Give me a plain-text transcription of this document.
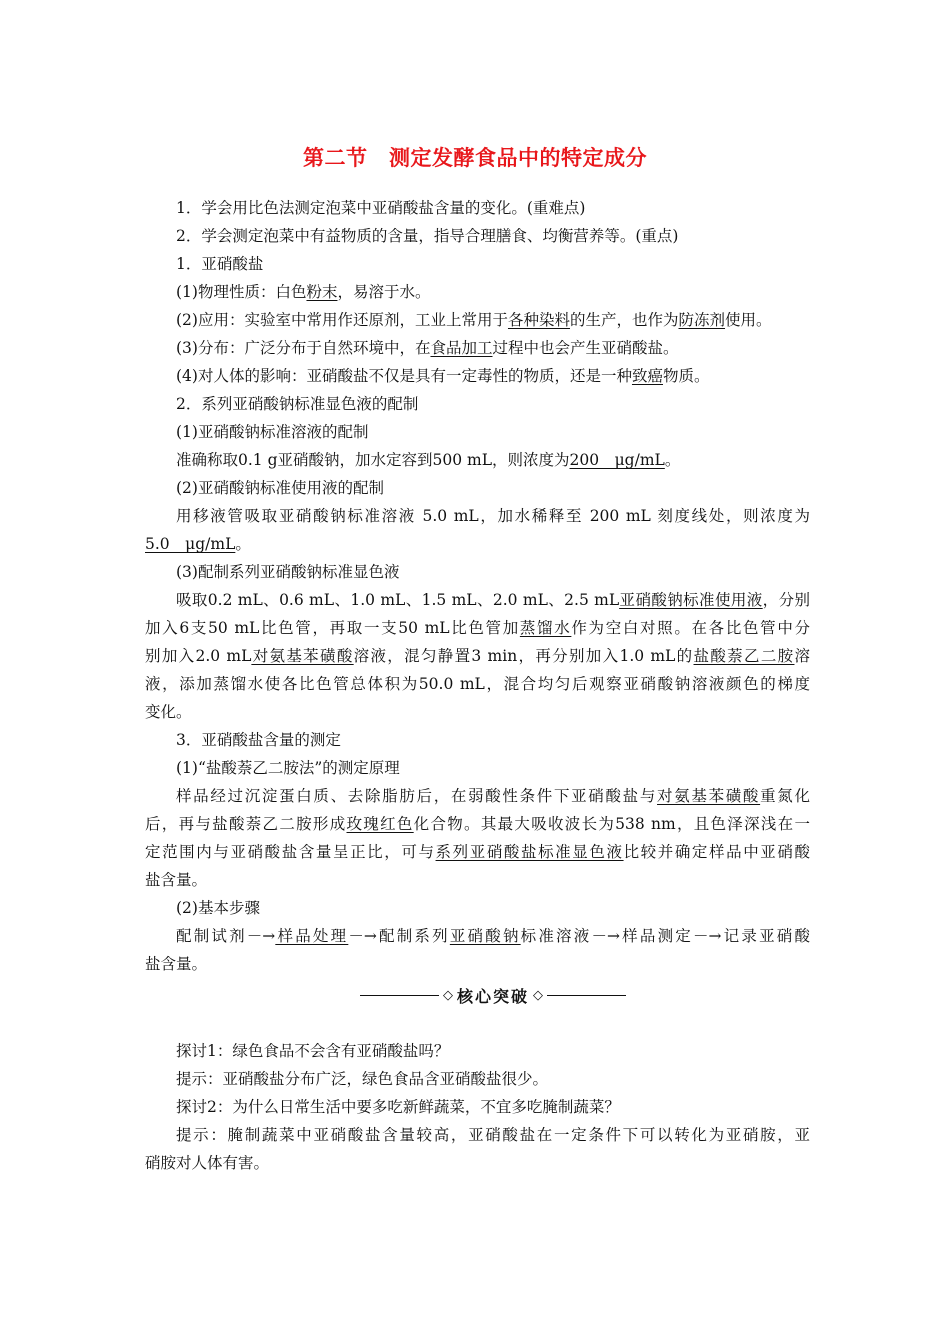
第二节　测定发酵食品中的特定成分
1．学会用比色法测定泡菜中亚硝酸盐含量的变化。(重难点)
2．学会测定泡菜中有益物质的含量，指导合理膳食、均衡营养等。(重点)
1．亚硝酸盐
(1)物理性质：白色粉末，易溶于水。
(2)应用：实验室中常用作还原剂，工业上常用于各种染料的生产，也作为防冻剂使用。
(3)分布：广泛分布于自然环境中，在食品加工过程中也会产生亚硝酸盐。
(4)对人体的影响：亚硝酸盐不仅是具有一定毒性的物质，还是一种致癌物质。
2．系列亚硝酸钠标准显色液的配制
(1)亚硝酸钠标准溶液的配制
准确称取0.1 g亚硝酸钠，加水定容到500 mL，则浓度为200　μg/mL。
(2)亚硝酸钠标准使用液的配制
用移液管吸取亚硝酸钠标准溶液 5.0 mL，加水稀释至 200 mL 刻度线处，则浓度为
5.0　μg/mL。
(3)配制系列亚硝酸钠标准显色液
吸取0.2 mL、0.6 mL、1.0 mL、1.5 mL、2.0 mL、2.5 mL亚硝酸钠标准使用液，分别
加入6支50 mL比色管，再取一支50 mL比色管加蒸馏水作为空白对照。在各比色管中分
别加入2.0 mL对氨基苯磺酸溶液，混匀静置3 min，再分别加入1.0 mL的盐酸萘乙二胺溶
液，添加蒸馏水使各比色管总体积为50.0 mL，混合均匀后观察亚硝酸钠溶液颜色的梯度
变化。
3．亚硝酸盐含量的测定
(1)“盐酸萘乙二胺法”的测定原理
样品经过沉淀蛋白质、去除脂肪后，在弱酸性条件下亚硝酸盐与对氨基苯磺酸重氮化
后，再与盐酸萘乙二胺形成玫瑰红色化合物。其最大吸收波长为538 nm，且色泽深浅在一
定范围内与亚硝酸盐含量呈正比，可与系列亚硝酸盐标准显色液比较并确定样品中亚硝酸
盐含量。
(2)基本步骤
配制试剂－→样品处理－→配制系列亚硝酸钠标准溶液－→样品测定－→记录亚硝酸
盐含量。
◇ 核心突破 ◇
探讨1：绿色食品不会含有亚硝酸盐吗？
提示：亚硝酸盐分布广泛，绿色食品含亚硝酸盐很少。
探讨2：为什么日常生活中要多吃新鲜蔬菜，不宜多吃腌制蔬菜？
提示：腌制蔬菜中亚硝酸盐含量较高，亚硝酸盐在一定条件下可以转化为亚硝胺，亚
硝胺对人体有害。
